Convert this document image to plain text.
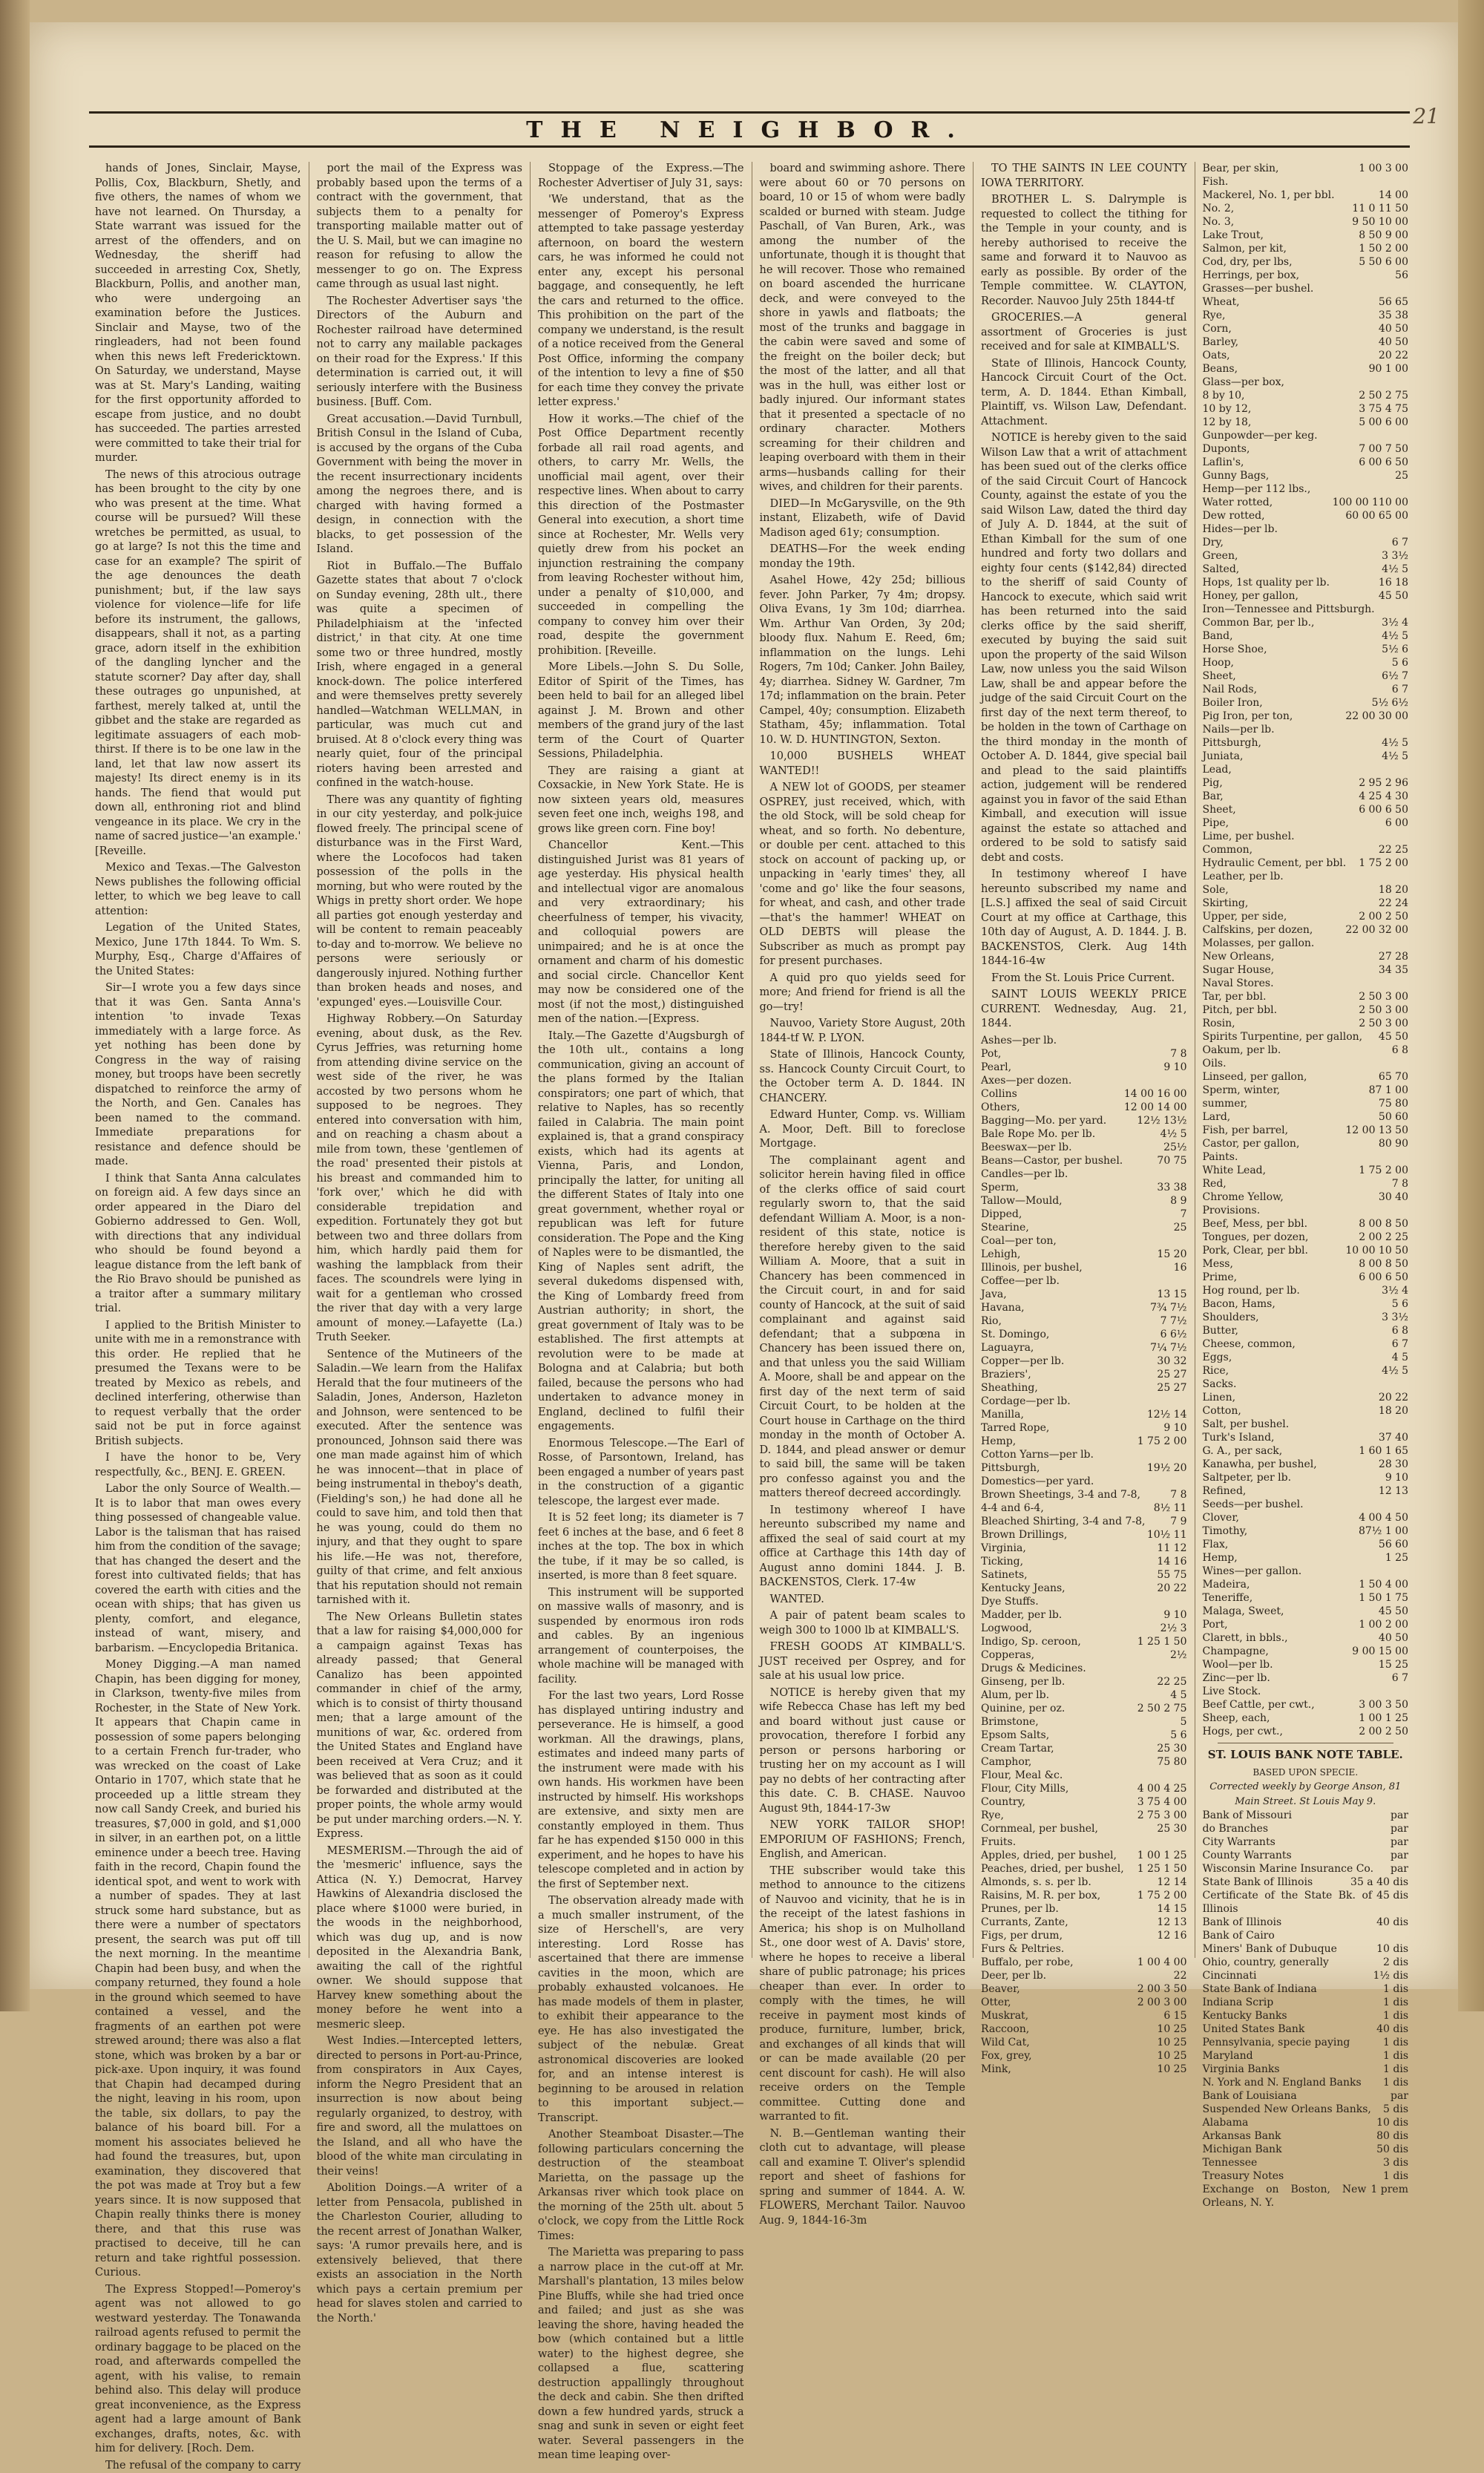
THE NEIGHBOR.
21

hands of Jones, Sinclair, Mayse, Pollis, Cox, Blackburn, Shetly, and five others, the names of whom we have not learned. On Thursday, a State warrant was issued for the arrest of the offenders, and on Wednesday, the sheriff had succeeded in arresting Cox, Shetly, Blackburn, Pollis, and another man, who were undergoing an examination before the Justices. Sinclair and Mayse, two of the ringleaders, had not been found when this news left Fredericktown. On Saturday, we understand, Mayse was at St. Mary's Landing, waiting for the first opportunity afforded to escape from justice, and no doubt has succeeded. The parties arrested were committed to take their trial for murder.

The news of this atrocious outrage has been brought to the city by one who was present at the time. What course will be pursued? Will these wretches be permitted, as usual, to go at large? Is not this the time and case for an example? The spirit of the age denounces the death punishment; but, if the law says violence for violence—life for life before its instrument, the gallows, disappears, shall it not, as a parting grace, adorn itself in the exhibition of the dangling lyncher and the statute scorner? Day after day, shall these outrages go unpunished, at farthest, merely talked at, until the gibbet and the stake are regarded as legitimate assuagers of each mob-thirst. If there is to be one law in the land, let that law now assert its majesty! Its direct enemy is in its hands. The fiend that would put down all, enthroning riot and blind vengeance in its place. We cry in the name of sacred justice—'an example.' [Reveille.

Mexico and Texas.—The Galveston News publishes the following official letter, to which we beg leave to call attention:

Legation of the United States, Mexico, June 17th 1844. To Wm. S. Murphy, Esq., Charge d'Affaires of the United States:

Sir—I wrote you a few days since that it was Gen. Santa Anna's intention 'to invade Texas immediately with a large force. As yet nothing has been done by Congress in the way of raising money, but troops have been secretly dispatched to reinforce the army of the North, and Gen. Canales has been named to the command. Immediate preparations for resistance and defence should be made.

I think that Santa Anna calculates on foreign aid. A few days since an order appeared in the Diaro del Gobierno addressed to Gen. Woll, with directions that any individual who should be found beyond a league distance from the left bank of the Rio Bravo should be punished as a traitor after a summary military trial.

I applied to the British Minister to unite with me in a remonstrance with this order. He replied that he presumed the Texans were to be treated by Mexico as rebels, and declined interfering, otherwise than to request verbally that the order said not be put in force against British subjects.

I have the honor to be, Very respectfully, &c., BENJ. E. GREEN.

Labor the only Source of Wealth.—It is to labor that man owes every thing possessed of changeable value. Labor is the talisman that has raised him from the condition of the savage; that has changed the desert and the forest into cultivated fields; that has covered the earth with cities and the ocean with ships; that has given us plenty, comfort, and elegance, instead of want, misery, and barbarism. —Encyclopedia Britanica.

Money Digging.—A man named Chapin, has been digging for money, in Clarkson, twenty-five miles from Rochester, in the State of New York. It appears that Chapin came in possession of some papers belonging to a certain French fur-trader, who was wrecked on the coast of Lake Ontario in 1707, which state that he proceeded up a little stream they now call Sandy Creek, and buried his treasures, $7,000 in gold, and $1,000 in silver, in an earthen pot, on a little eminence under a beech tree. Having faith in the record, Chapin found the identical spot, and went to work with a number of spades. They at last struck some hard substance, but as there were a number of spectators present, the search was put off till the next morning. In the meantime Chapin had been busy, and when the company returned, they found a hole in the ground which seemed to have contained a vessel, and the fragments of an earthen pot were strewed around; there was also a flat stone, which was broken by a bar or pick-axe. Upon inquiry, it was found that Chapin had decamped during the night, leaving in his room, upon the table, six dollars, to pay the balance of his board bill. For a moment his associates believed he had found the treasures, but, upon examination, they discovered that the pot was made at Troy but a few years since. It is now supposed that Chapin really thinks there is money there, and that this ruse was practised to deceive, till he can return and take rightful possession. Curious.

The Express Stopped!—Pomeroy's agent was not allowed to go westward yesterday. The Tonawanda railroad agents refused to permit the ordinary baggage to be placed on the road, and afterwards compelled the agent, with his valise, to remain behind also. This delay will produce great inconvenience, as the Express agent had a large amount of Bank exchanges, drafts, notes, &c. with him for delivery. [Roch. Dem.

The refusal of the company to carry

port the mail of the Express was probably based upon the terms of a contract with the government, that subjects them to a penalty for transporting mailable matter out of the U. S. Mail, but we can imagine no reason for refusing to allow the messenger to go on. The Express came through as usual last night.

The Rochester Advertiser says 'the Directors of the Auburn and Rochester railroad have determined not to carry any mailable packages on their road for the Express.' If this determination is carried out, it will seriously interfere with the Business business. [Buff. Com.

Great accusation.—David Turnbull, British Consul in the Island of Cuba, is accused by the organs of the Cuba Government with being the mover in the recent insurrectionary incidents among the negroes there, and is charged with having formed a design, in connection with the blacks, to get possession of the Island.

Riot in Buffalo.—The Buffalo Gazette states that about 7 o'clock on Sunday evening, 28th ult., there was quite a specimen of Philadelphiaism at the 'infected district,' in that city. At one time some two or three hundred, mostly Irish, where engaged in a general knock-down. The police interfered and were themselves pretty severely handled—Watchman WELLMAN, in particular, was much cut and bruised. At 8 o'clock every thing was nearly quiet, four of the principal rioters having been arrested and confined in the watch-house.

There was any quantity of fighting in our city yesterday, and polk-juice flowed freely. The principal scene of disturbance was in the First Ward, where the Locofocos had taken possession of the polls in the morning, but who were routed by the Whigs in pretty short order. We hope all parties got enough yesterday and will be content to remain peaceably to-day and to-morrow. We believe no persons were seriously or dangerously injured. Nothing further than broken heads and noses, and 'expunged' eyes.—Louisville Cour.

Highway Robbery.—On Saturday evening, about dusk, as the Rev. Cyrus Jeffries, was returning home from attending divine service on the west side of the river, he was accosted by two persons whom he supposed to be negroes. They entered into conversation with him, and on reaching a chasm about a mile from town, these 'gentlemen of the road' presented their pistols at his breast and commanded him to 'fork over,' which he did with considerable trepidation and expedition. Fortunately they got but between two and three dollars from him, which hardly paid them for washing the lampblack from their faces. The scoundrels were lying in wait for a gentleman who crossed the river that day with a very large amount of money.—Lafayette (La.) Truth Seeker.

Sentence of the Mutineers of the Saladin.—We learn from the Halifax Herald that the four mutineers of the Saladin, Jones, Anderson, Hazleton and Johnson, were sentenced to be executed. After the sentence was pronounced, Johnson said there was one man made against him of which he was innocent—that in place of being instrumental in theboy's death, (Fielding's son,) he had done all he could to save him, and told then that he was young, could do them no injury, and that they ought to spare his life.—He was not, therefore, guilty of that crime, and felt anxious that his reputation should not remain tarnished with it.

The New Orleans Bulletin states that a law for raising $4,000,000 for a campaign against Texas has already passed; that General Canalizo has been appointed commander in chief of the army, which is to consist of thirty thousand men; that a large amount of the munitions of war, &c. ordered from the United States and England have been received at Vera Cruz; and it was believed that as soon as it could be forwarded and distributed at the proper points, the whole army would be put under marching orders.—N. Y. Express.

MESMERISM.—Through the aid of the 'mesmeric' influence, says the Attica (N. Y.) Democrat, Harvey Hawkins of Alexandria disclosed the place where $1000 were buried, in the woods in the neighborhood, which was dug up, and is now deposited in the Alexandria Bank, awaiting the call of the rightful owner. We should suppose that Harvey knew something about the money before he went into a mesmeric sleep.

West Indies.—Intercepted letters, directed to persons in Port-au-Prince, from conspirators in Aux Cayes, inform the Negro President that an insurrection is now about being regularly organized, to destroy, with fire and sword, all the mulattoes on the Island, and all who have the blood of the white man circulating in their veins!

Abolition Doings.—A writer of a letter from Pensacola, published in the Charleston Courier, alluding to the recent arrest of Jonathan Walker, says: 'A rumor prevails here, and is extensively believed, that there exists an association in the North which pays a certain premium per head for slaves stolen and carried to the North.'

Stoppage of the Express.—The Rochester Advertiser of July 31, says:

'We understand, that as the messenger of Pomeroy's Express attempted to take passage yesterday afternoon, on board the western cars, he was informed he could not enter any, except his personal baggage, and consequently, he left the cars and returned to the office. This prohibition on the part of the company we understand, is the result of a notice received from the General Post Office, informing the company of the intention to levy a fine of $50 for each time they convey the private letter express.'

How it works.—The chief of the Post Office Department recently forbade all rail road agents, and others, to carry Mr. Wells, the unofficial mail agent, over their respective lines. When about to carry this direction of the Postmaster General into execution, a short time since at Rochester, Mr. Wells very quietly drew from his pocket an injunction restraining the company from leaving Rochester without him, under a penalty of $10,000, and succeeded in compelling the company to convey him over their road, despite the government prohibition. [Reveille.

More Libels.—John S. Du Solle, Editor of Spirit of the Times, has been held to bail for an alleged libel against J. M. Brown and other members of the grand jury of the last term of the Court of Quarter Sessions, Philadelphia.

They are raising a giant at Coxsackie, in New York State. He is now sixteen years old, measures seven feet one inch, weighs 198, and grows like green corn. Fine boy!

Chancellor Kent.—This distinguished Jurist was 81 years of age yesterday. His physical health and intellectual vigor are anomalous and very extraordinary; his cheerfulness of temper, his vivacity, and colloquial powers are unimpaired; and he is at once the ornament and charm of his domestic and social circle. Chancellor Kent may now be considered one of the most (if not the most,) distinguished men of the nation.—[Express.

Italy.—The Gazette d'Augsburgh of the 10th ult., contains a long communication, giving an account of the plans formed by the Italian conspirators; one part of which, that relative to Naples, has so recently failed in Calabria. The main point explained is, that a grand conspiracy exists, which had its agents at Vienna, Paris, and London, principally the latter, for uniting all the different States of Italy into one great government, whether royal or republican was left for future consideration. The Pope and the King of Naples were to be dismantled, the King of Naples sent adrift, the several dukedoms dispensed with, the King of Lombardy freed from Austrian authority; in short, the great government of Italy was to be established. The first attempts at revolution were to be made at Bologna and at Calabria; but both failed, because the persons who had undertaken to advance money in England, declined to fulfil their engagements.

Enormous Telescope.—The Earl of Rosse, of Parsontown, Ireland, has been engaged a number of years past in the construction of a gigantic telescope, the largest ever made.

It is 52 feet long; its diameter is 7 feet 6 inches at the base, and 6 feet 8 inches at the top. The box in which the tube, if it may be so called, is inserted, is more than 8 feet square.

This instrument will be supported on massive walls of masonry, and is suspended by enormous iron rods and cables. By an ingenious arrangement of counterpoises, the whole machine will be managed with facility.

For the last two years, Lord Rosse has displayed untiring industry and perseverance. He is himself, a good workman. All the drawings, plans, estimates and indeed many parts of the instrument were made with his own hands. His workmen have been instructed by himself. His workshops are extensive, and sixty men are constantly employed in them. Thus far he has expended $150 000 in this experiment, and he hopes to have his telescope completed and in action by the first of September next.

The observation already made with a much smaller instrument, of the size of Herschell's, are very interesting. Lord Rosse has ascertained that there are immense cavities in the moon, which are probably exhausted volcanoes. He has made models of them in plaster, to exhibit their appearance to the eye. He has also investigated the subject of the nebulæ. Great astronomical discoveries are looked for, and an intense interest is beginning to be aroused in relation to this important subject.—Transcript.

Another Steamboat Disaster.—The following particulars concerning the destruction of the steamboat Marietta, on the passage up the Arkansas river which took place on the morning of the 25th ult. about 5 o'clock, we copy from the Little Rock Times:

The Marietta was preparing to pass a narrow place in the cut-off at Mr. Marshall's plantation, 13 miles below Pine Bluffs, while she had tried once and failed; and just as she was leaving the shore, having headed the bow (which contained but a little water) to the highest degree, she collapsed a flue, scattering destruction appallingly throughout the deck and cabin. She then drifted down a few hundred yards, struck a snag and sunk in seven or eight feet water. Several passengers in the mean time leaping over-

board and swimming ashore. There were about 60 or 70 persons on board, 10 or 15 of whom were badly scalded or burned with steam. Judge Paschall, of Van Buren, Ark., was among the number of the unfortunate, though it is thought that he will recover. Those who remained on board ascended the hurricane deck, and were conveyed to the shore in yawls and flatboats; the most of the trunks and baggage in the cabin were saved and some of the freight on the boiler deck; but the most of the latter, and all that was in the hull, was either lost or badly injured. Our informant states that it presented a spectacle of no ordinary character. Mothers screaming for their children and leaping overboard with them in their arms—husbands calling for their wives, and children for their parents.

DIED—In McGarysville, on the 9th instant, Elizabeth, wife of David Madison aged 61y; consumption.

DEATHS—For the week ending monday the 19th.

Asahel Howe, 42y 25d; billious fever. John Parker, 7y 4m; dropsy. Oliva Evans, 1y 3m 10d; diarrhea. Wm. Arthur Van Orden, 3y 20d; bloody flux. Nahum E. Reed, 6m; inflammation on the lungs. Lehi Rogers, 7m 10d; Canker. John Bailey, 4y; diarrhea. Sidney W. Gardner, 7m 17d; inflammation on the brain. Peter Campel, 40y; consumption. Elizabeth Statham, 45y; inflammation. Total 10. W. D. HUNTINGTON, Sexton.

10,000 BUSHELS WHEAT WANTED!!

A NEW lot of GOODS, per steamer OSPREY, just received, which, with the old Stock, will be sold cheap for wheat, and so forth. No debenture, or double per cent. attached to this stock on account of packing up, or unpacking in 'early times' they, all 'come and go' like the four seasons, for wheat, and cash, and other trade—that's the hammer! WHEAT on OLD DEBTS will please the Subscriber as much as prompt pay for present purchases.

A quid pro quo yields seed for more; And friend for friend is all the go—try!

Nauvoo, Variety Store August, 20th 1844-tf W. P. LYON.

State of Illinois, Hancock County, ss. Hancock County Circuit Court, to the October term A. D. 1844. IN CHANCERY.

Edward Hunter, Comp. vs. William A. Moor, Deft. Bill to foreclose Mortgage.

The complainant agent and solicitor herein having filed in office of the clerks office of said court regularly sworn to, that the said defendant William A. Moor, is a non-resident of this state, notice is therefore hereby given to the said William A. Moore, that a suit in Chancery has been commenced in the Circuit court, in and for said county of Hancock, at the suit of said complainant and against said defendant; that a subpœna in Chancery has been issued there on, and that unless you the said William A. Moore, shall be and appear on the first day of the next term of said Circuit Court, to be holden at the Court house in Carthage on the third monday in the month of October A. D. 1844, and plead answer or demur to said bill, the same will be taken pro confesso against you and the matters thereof decreed accordingly.

In testimony whereof I have hereunto subscribed my name and affixed the seal of said court at my office at Carthage this 14th day of August anno domini 1844. J. B. BACKENSTOS, Clerk. 17-4w

WANTED.

A pair of patent beam scales to weigh 300 to 1000 lb at KIMBALL'S.

FRESH GOODS AT KIMBALL'S. JUST received per Osprey, and for sale at his usual low price.

NOTICE is hereby given that my wife Rebecca Chase has left my bed and board without just cause or provocation, therefore I forbid any person or persons harboring or trusting her on my account as I will pay no debts of her contracting after this date. C. B. CHASE. Nauvoo August 9th, 1844-17-3w

NEW YORK TAILOR SHOP! EMPORIUM OF FASHIONS; French, English, and American.

THE subscriber would take this method to announce to the citizens of Nauvoo and vicinity, that he is in the receipt of the latest fashions in America; his shop is on Mulholland St., one door west of A. Davis' store, where he hopes to receive a liberal share of public patronage; his prices cheaper than ever. In order to comply with the times, he will receive in payment most kinds of produce, furniture, lumber, brick, and exchanges of all kinds that will or can be made available (20 per cent discount for cash). He will also receive orders on the Temple committee. Cutting done and warranted to fit.

N. B.—Gentleman wanting their cloth cut to advantage, will please call and examine T. Oliver's splendid report and sheet of fashions for spring and summer of 1844. A. W. FLOWERS, Merchant Tailor. Nauvoo Aug. 9, 1844-16-3m

TO THE SAINTS IN LEE COUNTY IOWA TERRITORY.

BROTHER L. S. Dalrymple is requested to collect the tithing for the Temple in your county, and is hereby authorised to receive the same and forward it to Nauvoo as early as possible. By order of the Temple committee. W. CLAYTON, Recorder. Nauvoo July 25th 1844-tf

GROCERIES.—A general assortment of Groceries is just received and for sale at KIMBALL'S.

State of Illinois, Hancock County, Hancock Circuit Court of the Oct. term, A. D. 1844. Ethan Kimball, Plaintiff, vs. Wilson Law, Defendant. Attachment.

NOTICE is hereby given to the said Wilson Law that a writ of attachment has been sued out of the clerks office of the said Circuit Court of Hancock County, against the estate of you the said Wilson Law, dated the third day of July A. D. 1844, at the suit of Ethan Kimball for the sum of one hundred and forty two dollars and eighty four cents ($142,84) directed to the sheriff of said County of Hancock to execute, which said writ has been returned into the said clerks office by the said sheriff, executed by buying the said suit upon the property of the said Wilson Law, now unless you the said Wilson Law, shall be and appear before the judge of the said Circuit Court on the first day of the next term thereof, to be holden in the town of Carthage on the third monday in the month of October A. D. 1844, give special bail and plead to the said plaintiffs action, judgement will be rendered against you in favor of the said Ethan Kimball, and execution will issue against the estate so attached and ordered to be sold to satisfy said debt and costs.

In testimony whereof I have hereunto subscribed my name and [L.S.] affixed the seal of said Circuit Court at my office at Carthage, this 10th day of August, A. D. 1844. J. B. BACKENSTOS, Clerk. Aug 14th 1844-16-4w

From the St. Louis Price Current.

SAINT LOUIS WEEKLY PRICE CURRENT. Wednesday, Aug. 21, 1844.

Ashes—per lb.
Pot,	7 8
Pearl,	9 10
Axes—per dozen.
Collins	14 00 16 00
Others,	12 00 14 00
Bagging—Mo. per yard.	12½ 13½
Bale Rope Mo. per lb.	4½ 5
Beeswax—per lb.	25½
Beans—Castor, per bushel.	70 75
Candles—per lb.
Sperm,	33 38
Tallow—Mould,	8 9
Dipped,	7
Stearine,	25
Coal—per ton,
Lehigh,	15 20
Illinois, per bushel,	16
Coffee—per lb.
Java,	13 15
Havana,	7¾ 7½
Rio,	7 7½
St. Domingo,	6 6½
Laguayra,	7¼ 7½
Copper—per lb.	30 32
Braziers',	25 27
Sheathing,	25 27
Cordage—per lb.
Manilla,	12½ 14
Tarred Rope,	9 10
Hemp,	1 75 2 00
Cotton Yarns—per lb.
Pittsburgh,	19½ 20
Domestics—per yard.
Brown Sheetings, 3-4 and 7-8,	7 8
4-4 and 6-4,	8½ 11
Bleached Shirting, 3-4 and 7-8,	7 9
Brown Drillings,	10½ 11
Virginia,	11 12
Ticking,	14 16
Satinets,	55 75
Kentucky Jeans,	20 22
Dye Stuffs.
Madder, per lb.	9 10
Logwood,	2½ 3
Indigo, Sp. ceroon,	1 25 1 50
Copperas,	2½
Drugs & Medicines.
Ginseng, per lb.	22 25
Alum, per lb.	4 5
Quinine, per oz.	2 50 2 75
Brimstone,	5
Epsom Salts,	5 6
Cream Tartar,	25 30
Camphor,	75 80
Flour, Meal &c.
Flour, City Mills,	4 00 4 25
Country,	3 75 4 00
Rye,	2 75 3 00
Cornmeal, per bushel,	25 30
Fruits.
Apples, dried, per bushel,	1 00 1 25
Peaches, dried, per bushel,	1 25 1 50
Almonds, s. s. per lb.	12 14
Raisins, M. R. per box,	1 75 2 00
Prunes, per lb.	14 15
Currants, Zante,	12 13
Figs, per drum,	12 16
Furs & Peltries.
Buffalo, per robe,	1 00 4 00
Deer, per lb.	22
Beaver,	2 00 3 50
Otter,	2 00 3 00
Muskrat,	6 15
Raccoon,	10 25
Wild Cat,	10 25
Fox, grey,	10 25
Mink,	10 25
Bear, per skin,	1 00 3 00
Fish.
Mackerel, No. 1, per bbl.	14 00
No. 2,	11 0 11 50
No. 3,	9 50 10 00
Lake Trout,	8 50 9 00
Salmon, per kit,	1 50 2 00
Cod, dry, per lbs,	5 50 6 00
Herrings, per box,	56
Grasses—per bushel.
Wheat,	56 65
Rye,	35 38
Corn,	40 50
Barley,	40 50
Oats,	20 22
Beans,	90 1 00
Glass—per box,
8 by 10,	2 50 2 75
10 by 12,	3 75 4 75
12 by 18,	5 00 6 00
Gunpowder—per keg.
Duponts,	7 00 7 50
Laflin's,	6 00 6 50
Gunny Bags,	25
Hemp—per 112 lbs.,
Water rotted,	100 00 110 00
Dew rotted,	60 00 65 00
Hides—per lb.
Dry,	6 7
Green,	3 3½
Salted,	4½ 5
Hops, 1st quality per lb.	16 18
Honey, per gallon,	45 50
Iron—Tennessee and Pittsburgh.
Common Bar, per lb.,	3½ 4
Band,	4½ 5
Horse Shoe,	5½ 6
Hoop,	5 6
Sheet,	6½ 7
Nail Rods,	6 7
Boiler Iron,	5½ 6½
Pig Iron, per ton,	22 00 30 00
Nails—per lb.
Pittsburgh,	4½ 5
Juniata,	4½ 5
Lead,
Pig,	2 95 2 96
Bar,	4 25 4 30
Sheet,	6 00 6 50
Pipe,	6 00
Lime, per bushel.
Common,	22 25
Hydraulic Cement, per bbl.	1 75 2 00
Leather, per lb.
Sole,	18 20
Skirting,	22 24
Upper, per side,	2 00 2 50
Calfskins, per dozen,	22 00 32 00
Molasses, per gallon.
New Orleans,	27 28
Sugar House,	34 35
Naval Stores.
Tar, per bbl.	2 50 3 00
Pitch, per bbl.	2 50 3 00
Rosin,	2 50 3 00
Spirits Turpentine, per gallon,	45 50
Oakum, per lb.	6 8
Oils.
Linseed, per gallon,	65 70
Sperm, winter,	87 1 00
summer,	75 80
Lard,	50 60
Fish, per barrel,	12 00 13 50
Castor, per gallon,	80 90
Paints.
White Lead,	1 75 2 00
Red,	7 8
Chrome Yellow,	30 40
Provisions.
Beef, Mess, per bbl.	8 00 8 50
Tongues, per dozen,	2 00 2 25
Pork, Clear, per bbl.	10 00 10 50
Mess,	8 00 8 50
Prime,	6 00 6 50
Hog round, per lb.	3½ 4
Bacon, Hams,	5 6
Shoulders,	3 3½
Butter,	6 8
Cheese, common,	6 7
Eggs,	4 5
Rice,	4½ 5
Sacks.
Linen,	20 22
Cotton,	18 20
Salt, per bushel.
Turk's Island,	37 40
G. A., per sack,	1 60 1 65
Kanawha, per bushel,	28 30
Saltpeter, per lb.	9 10
Refined,	12 13
Seeds—per bushel.
Clover,	4 00 4 50
Timothy,	87½ 1 00
Flax,	56 60
Hemp,	1 25
Wines—per gallon.
Madeira,	1 50 4 00
Teneriffe,	1 50 1 75
Malaga, Sweet,	45 50
Port,	1 00 2 00
Clarett, in bbls.,	40 50
Champagne,	9 00 15 00
Wool—per lb.	15 25
Zinc—per lb.	6 7
Live Stock.
Beef Cattle, per cwt.,	3 00 3 50
Sheep, each,	1 00 1 25
Hogs, per cwt.,	2 00 2 50
ST. LOUIS BANK NOTE TABLE.
BASED UPON SPECIE.
Corrected weekly by George Anson, 81 Main Street. St Louis May 9.
Bank of Missouri	par
do Branches	par
City Warrants	par
County Warrants	par
Wisconsin Marine Insurance Co.	par
State Bank of Illinois	35 a 40 dis
Certificate of the State Bk. of Illinois
45 dis
Bank of Illinois	40 dis
Bank of Cairo
Miners' Bank of Dubuque	10 dis
Ohio, country, generally	2 dis
Cincinnati	1½ dis
State Bank of Indiana	1 dis
Indiana Scrip	1 dis
Kentucky Banks	1 dis
United States Bank	40 dis
Pennsylvania, specie paying	1 dis
Maryland	1 dis
Virginia Banks	1 dis
N. York and N. England Banks	1 dis
Bank of Louisiana	par
Suspended New Orleans Banks,	5 dis
Alabama	10 dis
Arkansas Bank	80 dis
Michigan Bank	50 dis
Tennessee	3 dis
Treasury Notes	1 dis
Exchange on Boston, New Orleans, N. Y.
1 prem
